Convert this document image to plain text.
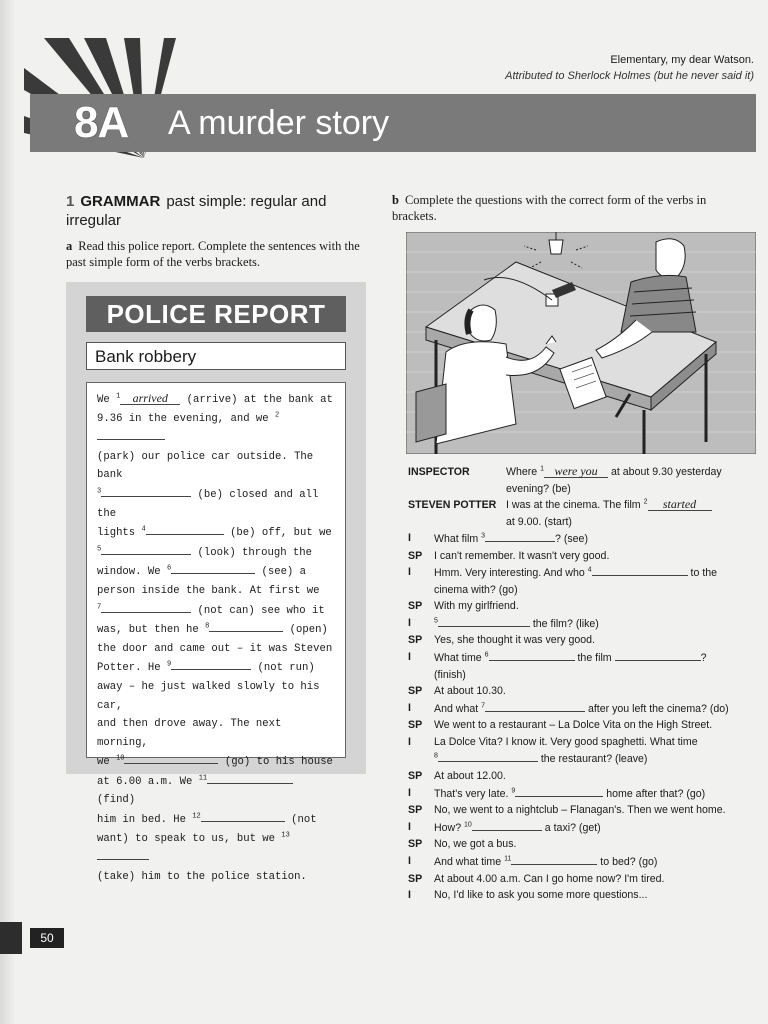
Elementary, my dear Watson.
Attributed to Sherlock Holmes (but he never said it)
8A A murder story
1 GRAMMAR past simple: regular and irregular
a Read this police report. Complete the sentences with the past simple form of the verbs brackets.
b Complete the questions with the correct form of the verbs in brackets.
POLICE REPORT
Bank robbery

We $^1$ arrived (arrive) at the bank at

9.36 in the evening, and we $^2$

(park) our police car outside. The bank

$^3$	(be) closed and all the

lights $^4$	(be) off, but we

$^5$	(look) through the

window. We $^6$	(see) a

person inside the bank. At first we

$^7$	(not can) see who it

was, but then he $^8$	(open)

the door and came out – it was Steven

Potter. He $^9$	(not run)

away – he just walked slowly to his car,

and then drove away. The next morning,

we $^{10}$	(go) to his house

at 6.00 a.m. We $^{11}$ (find)

him in bed. He $^{12}$	(not

want) to speak to us, but we $^{13}$

(take) him to the police station.

INSPECTOR	Where $^1$ were you at about 9.30 yesterday
evening? (be)
STEVEN POTTER I was at the cinema. The film $^2$ started
at 9.00. (start)
I	What film $^3$	? (see)
SP	I can't remember. It wasn't very good.
I	Hmm. Very interesting. And who $^4$	to the
cinema with? (go)
SP	With my girlfriend.
I	$^5$	the film? (like)
SP	Yes, she thought it was very good.
I	What time $^6$	the film	?
(finish)
SP	At about 10.30.
I	And what $^7$	after you left the cinema? (do)
SP	We went to a restaurant – La Dolce Vita on the High Street.
I	La Dolce Vita? I know it. Very good spaghetti. What time
$^8$	the restaurant? (leave)
SP	At about 12.00.
I	That's very late. $^9$	home after that? (go)
SP	No, we went to a nightclub – Flanagan's. Then we went home.
I	How? $^{10}$	a taxi? (get)
SP	No, we got a bus.
I	And what time $^{11}$	to bed? (go)
SP	At about 4.00 a.m. Can I go home now? I'm tired.
I	No, I'd like to ask you some more questions...
50
